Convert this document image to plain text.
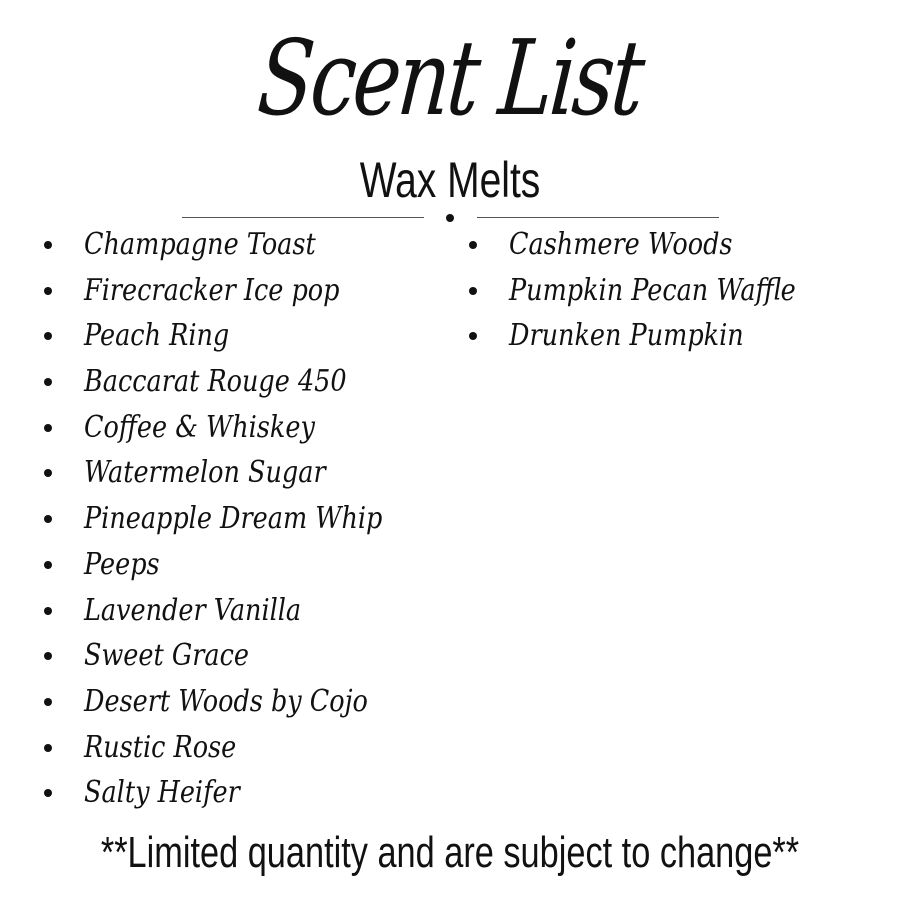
Scent List
Wax Melts
Champagne Toast
Firecracker Ice pop
Peach Ring
Baccarat Rouge 450
Coffee & Whiskey
Watermelon Sugar
Pineapple Dream Whip
Peeps
Lavender Vanilla
Sweet Grace
Desert Woods by Cojo
Rustic Rose
Salty Heifer
Cashmere Woods
Pumpkin Pecan Waffle
Drunken Pumpkin
**Limited quantity and are subject to change**
